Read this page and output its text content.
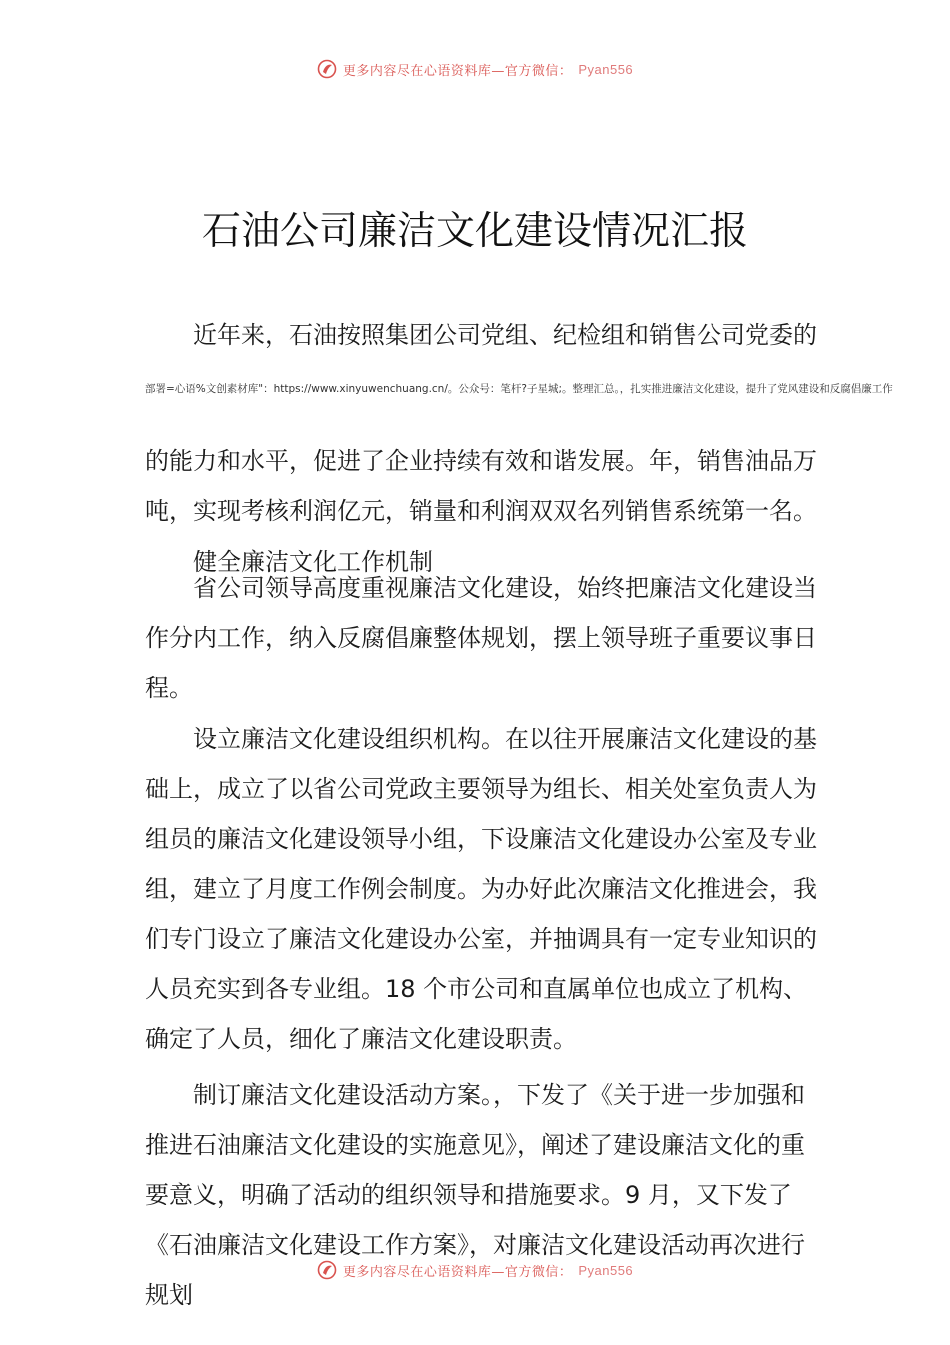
更多内容尽在心语资料库—官方微信： Pyan556
石油公司廉洁文化建设情况汇报

近年来，石油按照集团公司党组、纪检组和销售公司党委的

部署=心语%文创素材库"：https://www.xinyuwenchuang.cn/。公众号：笔杆?子星城;。整理汇总。，扎实推进廉洁文化建设，提升了党风建设和反腐倡廉工作

的能力和水平，促进了企业持续有效和谐发展。年，销售油品万吨，实现考核利润亿元，销量和利润双双名列销售系统第一名。

健全廉洁文化工作机制

省公司领导高度重视廉洁文化建设，始终把廉洁文化建设当作分内工作，纳入反腐倡廉整体规划，摆上领导班子重要议事日程。

设立廉洁文化建设组织机构。在以往开展廉洁文化建设的基础上，成立了以省公司党政主要领导为组长、相关处室负责人为组员的廉洁文化建设领导小组，下设廉洁文化建设办公室及专业组，建立了月度工作例会制度。为办好此次廉洁文化推进会，我们专门设立了廉洁文化建设办公室，并抽调具有一定专业知识的人员充实到各专业组。18 个市公司和直属单位也成立了机构、确定了人员，细化了廉洁文化建设职责。

制订廉洁文化建设活动方案。，下发了《关于进一步加强和推进石油廉洁文化建设的实施意见》，阐述了建设廉洁文化的重要意义，明确了活动的组织领导和措施要求。9 月，又下发了《石油廉洁文化建设工作方案》，对廉洁文化建设活动再次进行规划

更多内容尽在心语资料库—官方微信： Pyan556
